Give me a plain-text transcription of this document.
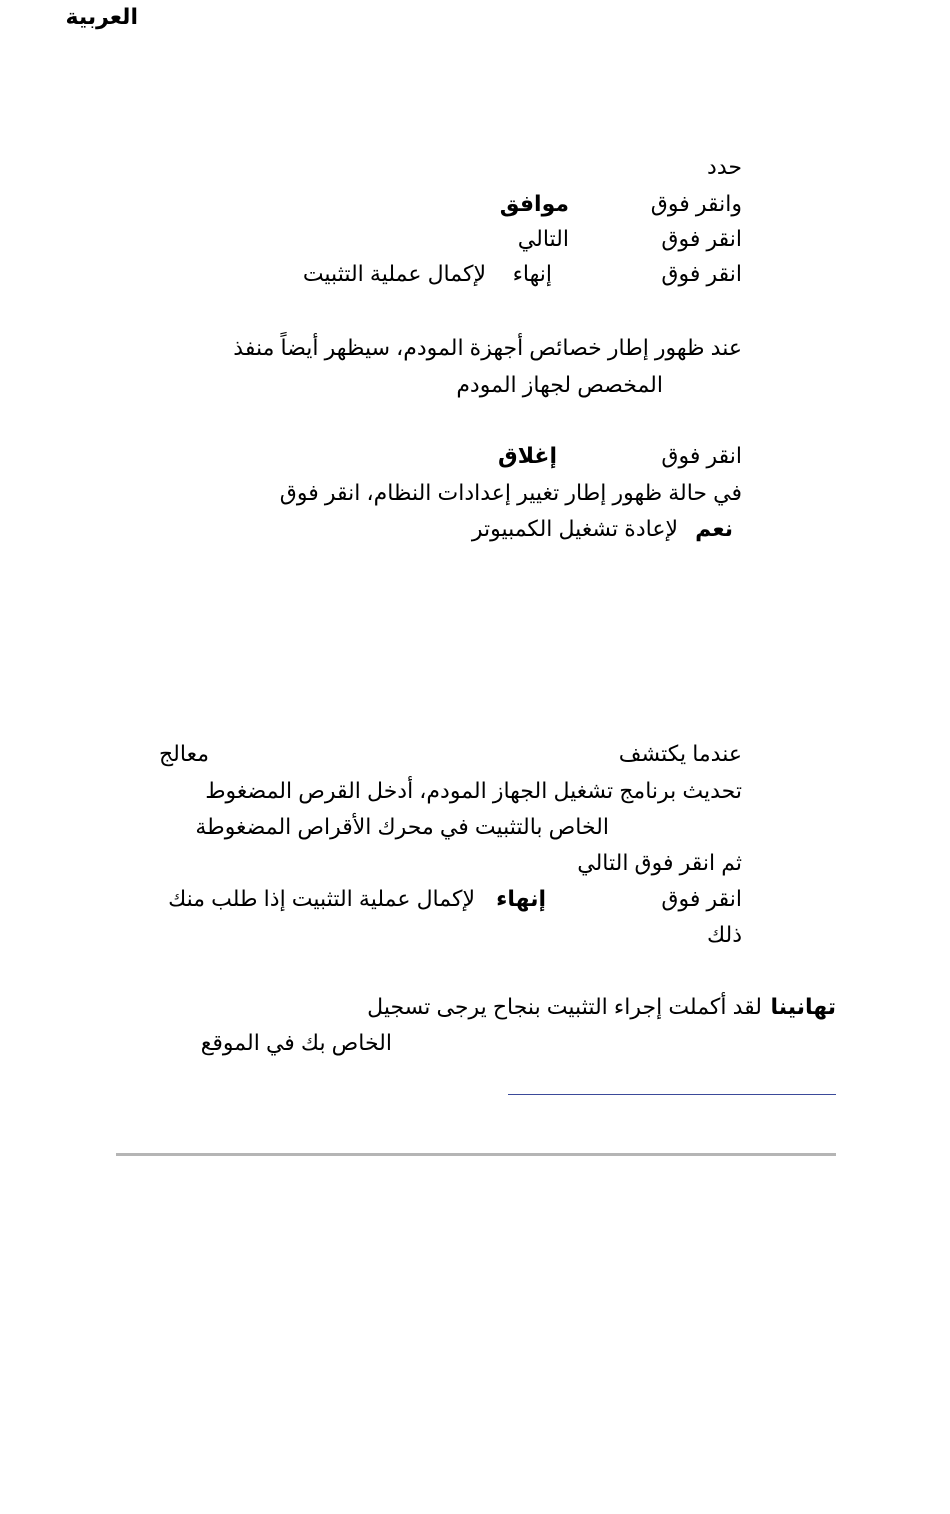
العربية
حدد
وانقر فوق
موافق
انقر فوق
التالي
انقر فوق
إنهاء
لإكمال عملية التثبيت
عند ظهور إطار خصائص أجهزة المودم، سيظهر أيضاً منفذ
المخصص لجهاز المودم
انقر فوق
إغلاق
في حالة ظهور إطار تغيير إعدادات النظام، انقر فوق
نعم
لإعادة تشغيل الكمبيوتر
عندما يكتشف
معالج
تحديث برنامج تشغيل الجهاز المودم، أدخل القرص المضغوط
الخاص بالتثبيت في محرك الأقراص المضغوطة
ثم انقر فوق التالي
انقر فوق
إنهاء
لإكمال عملية التثبيت إذا طلب منك
ذلك
تهانينا
لقد أكملت إجراء التثبيت بنجاح يرجى تسجيل
الخاص بك في الموقع
